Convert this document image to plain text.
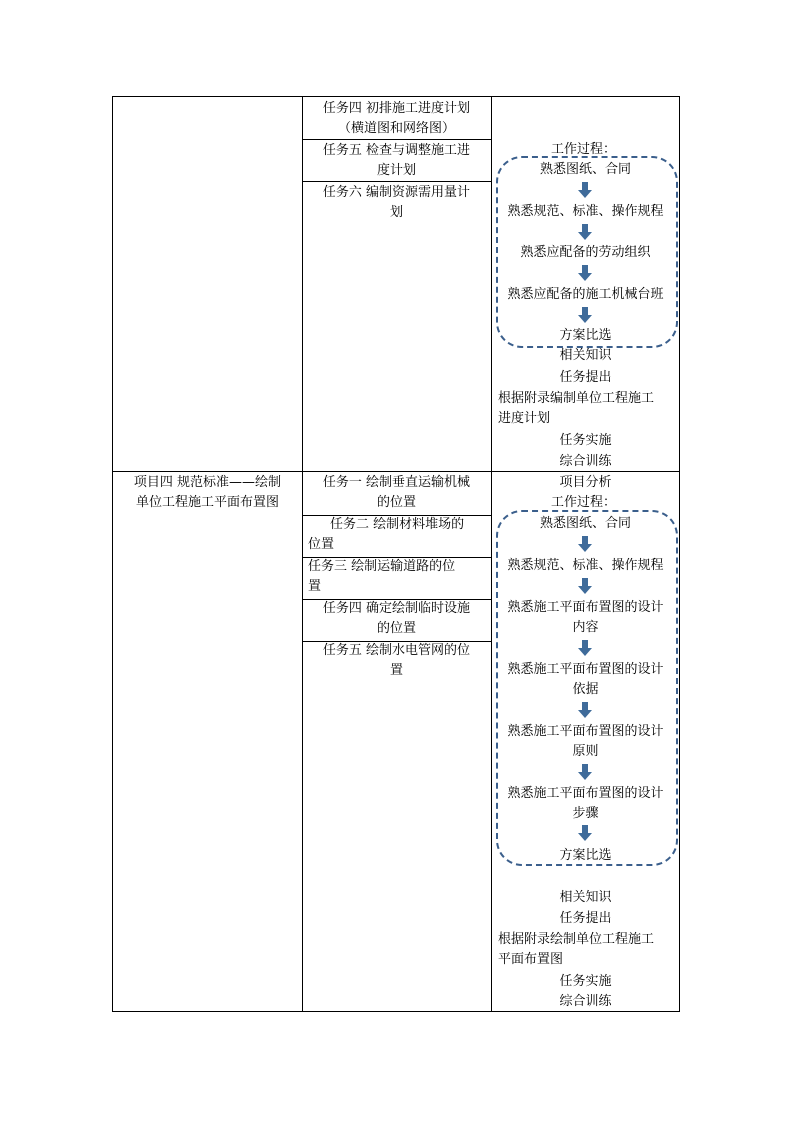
任务四 初排施工进度计划
（横道图和网络图）
任务五 检查与调整施工进
度计划
任务六 编制资源需用量计
划
工作过程：
熟悉图纸、合同
熟悉规范、标准、操作规程
熟悉应配备的劳动组织
熟悉应配备的施工机械台班
方案比选
相关知识
任务提出
根据附录编制单位工程施工
进度计划
任务实施
综合训练
项目四 规范标准——绘制
单位工程施工平面布置图
任务一 绘制垂直运输机械
的位置
任务二 绘制材料堆场的
位置
任务三 绘制运输道路的位
置
任务四 确定绘制临时设施
的位置
任务五 绘制水电管网的位
置
项目分析
工作过程：
熟悉图纸、合同
熟悉规范、标准、操作规程
熟悉施工平面布置图的设计
内容
熟悉施工平面布置图的设计
依据
熟悉施工平面布置图的设计
原则
熟悉施工平面布置图的设计
步骤
方案比选
相关知识
任务提出
根据附录绘制单位工程施工
平面布置图
任务实施
综合训练
